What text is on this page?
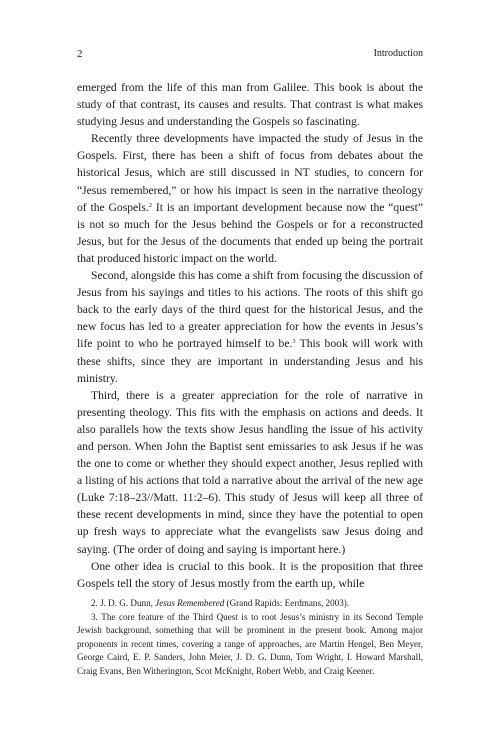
2	Introduction

emerged from the life of this man from Galilee. This book is about the study of that contrast, its causes and results. That contrast is what makes studying Jesus and understanding the Gospels so fascinating.

Recently three developments have impacted the study of Jesus in the Gospels. First, there has been a shift of focus from debates about the historical Jesus, which are still discussed in NT studies, to concern for “Jesus remembered,” or how his impact is seen in the narrative theology of the Gospels.$^2$ It is an important development because now the “quest” is not so much for the Jesus behind the Gospels or for a reconstructed Jesus, but for the Jesus of the documents that ended up being the portrait that produced historic impact on the world.

Second, alongside this has come a shift from focusing the discussion of Jesus from his sayings and titles to his actions. The roots of this shift go back to the early days of the third quest for the historical Jesus, and the new focus has led to a greater appreciation for how the events in Jesus’s life point to who he portrayed himself to be.$^3$ This book will work with these shifts, since they are important in understanding Jesus and his ministry.

Third, there is a greater appreciation for the role of narrative in presenting theology. This fits with the emphasis on actions and deeds. It also parallels how the texts show Jesus handling the issue of his activity and person. When John the Baptist sent emissaries to ask Jesus if he was the one to come or whether they should expect another, Jesus replied with a listing of his actions that told a narrative about the arrival of the new age (Luke 7:18–23//Matt. 11:2–6). This study of Jesus will keep all three of these recent developments in mind, since they have the potential to open up fresh ways to appreciate what the evangelists saw Jesus doing and saying. (The order of doing and saying is important here.)

One other idea is crucial to this book. It is the proposition that three Gospels tell the story of Jesus mostly from the earth up, while

2. J. D. G. Dunn, Jesus Remembered (Grand Rapids: Eerdmans, 2003).

3. The core feature of the Third Quest is to root Jesus’s ministry in its Second Temple Jewish background, something that will be prominent in the present book. Among major proponents in recent times, covering a range of approaches, are Martin Hengel, Ben Meyer, George Caird, E. P. Sanders, John Meier, J. D. G. Dunn, Tom Wright, I. Howard Marshall, Craig Evans, Ben Witherington, Scot McKnight, Robert Webb, and Craig Keener.
